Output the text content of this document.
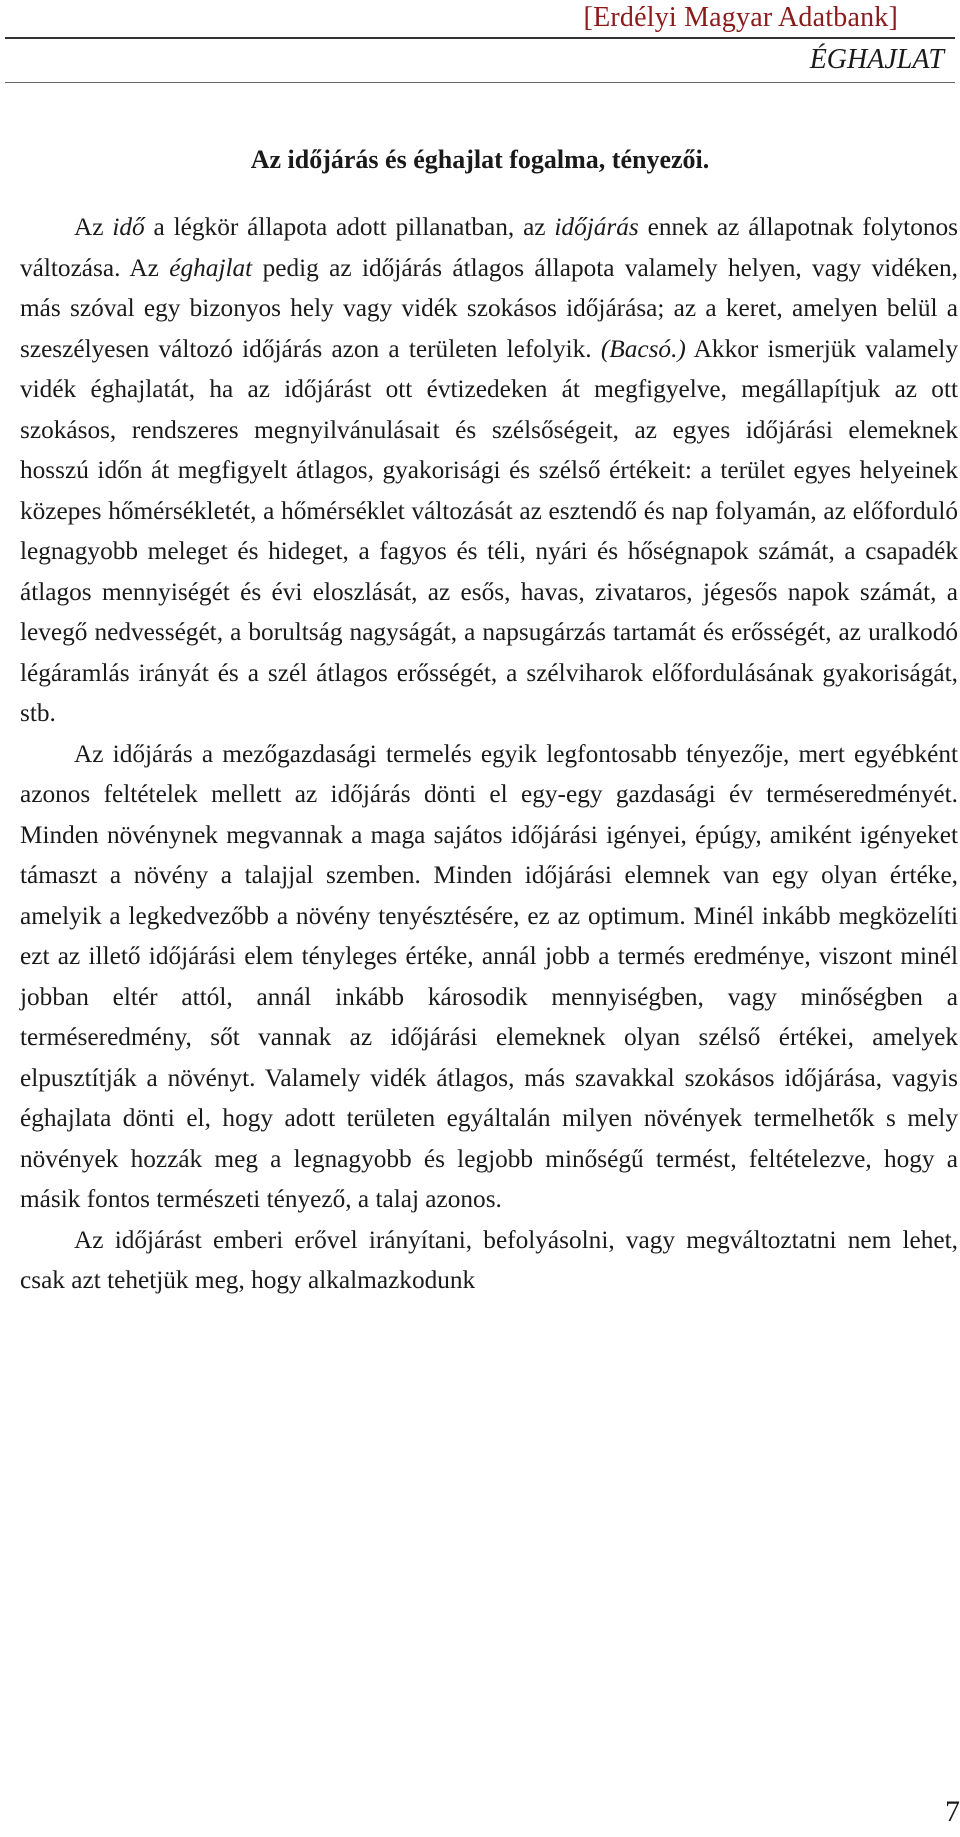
[Erdélyi Magyar Adatbank]
ÉGHAJLAT
Az időjárás és éghajlat fogalma, tényezői.

Az idő a légkör állapota adott pillanatban, az időjárás ennek az állapotnak folytonos változása. Az éghajlat pedig az időjárás átlagos állapota valamely helyen, vagy vidéken, más szóval egy bizonyos hely vagy vidék szokásos időjárása; az a keret, amelyen belül a szeszélyesen változó időjárás azon a területen lefolyik. (Bacsó.) Akkor ismerjük valamely vidék éghajlatát, ha az időjárást ott évtizedeken át megfigyelve, megállapítjuk az ott szokásos, rendszeres megnyilvánulásait és szélsőségeit, az egyes időjárási elemeknek hosszú időn át megfigyelt átlagos, gyakorisági és szélső értékeit: a terület egyes helyeinek közepes hőmérsékletét, a hőmérséklet változását az esztendő és nap folyamán, az előforduló legnagyobb meleget és hideget, a fagyos és téli, nyári és hőségnapok számát, a csapadék átlagos mennyiségét és évi eloszlását, az esős, havas, zivataros, jégesős napok számát, a levegő nedvességét, a borultság nagyságát, a napsugárzás tartamát és erősségét, az uralkodó légáramlás irányát és a szél átlagos erősségét, a szélviharok előfordulásának gyakoriságát, stb.

Az időjárás a mezőgazdasági termelés egyik legfontosabb tényezője, mert egyébként azonos feltételek mellett az időjárás dönti el egy-egy gazdasági év terméseredményét. Minden növénynek megvannak a maga sajátos időjárási igényei, épúgy, amiként igényeket támaszt a növény a talajjal szemben. Minden időjárási elemnek van egy olyan értéke, amelyik a legkedvezőbb a növény tenyésztésére, ez az optimum. Minél inkább megközelíti ezt az illető időjárási elem tényleges értéke, annál jobb a termés eredménye, viszont minél jobban eltér attól, annál inkább károsodik mennyiségben, vagy minőségben a terméseredmény, sőt vannak az időjárási elemeknek olyan szélső értékei, amelyek elpusztítják a növényt. Valamely vidék átlagos, más szavakkal szokásos időjárása, vagyis éghajlata dönti el, hogy adott területen egyáltalán milyen növények termelhetők s mely növények hozzák meg a legnagyobb és legjobb minőségű termést, feltételezve, hogy a másik fontos természeti tényező, a talaj azonos.

Az időjárást emberi erővel irányítani, befolyásolni, vagy megváltoztatni nem lehet, csak azt tehetjük meg, hogy alkalmazkodunk

7
